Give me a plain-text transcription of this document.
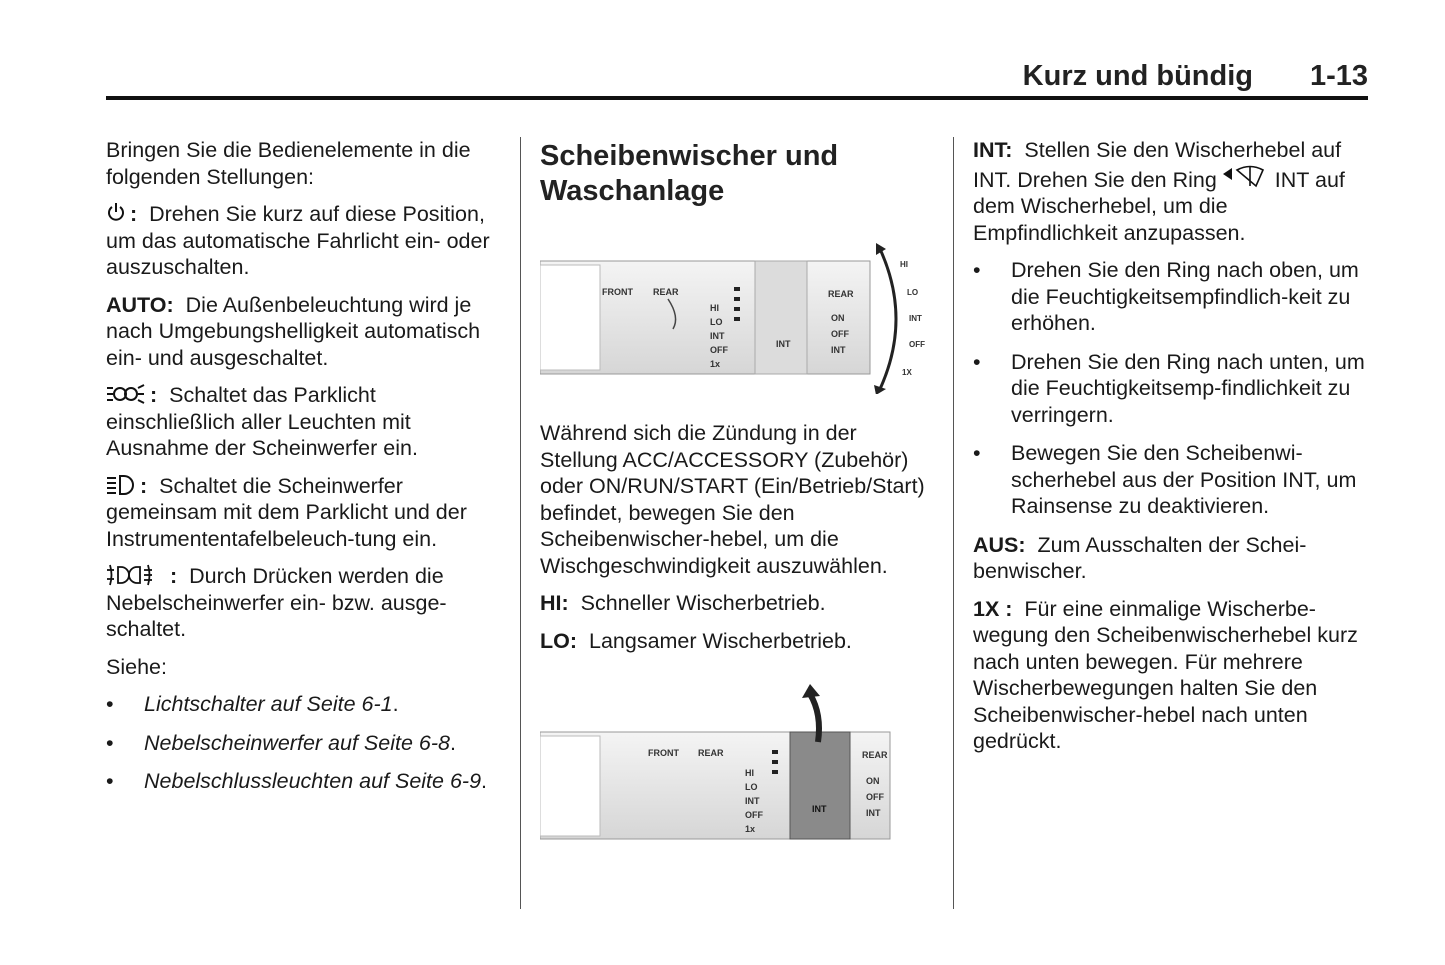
Kurz und bündig 1-13

Bringen Sie die Bedienelemente in die folgenden Stellungen:

: Drehen Sie kurz auf diese Position, um das automatische Fahrlicht ein- oder auszuschalten.

AUTO: Die Außenbeleuchtung wird je nach Umgebungshelligkeit automatisch ein- und ausgeschaltet.

: Schaltet das Parklicht einschließlich aller Leuchten mit Ausnahme der Scheinwerfer ein.

: Schaltet die Scheinwerfer gemeinsam mit dem Parklicht und der Instrumententafelbeleuch-tung ein.

: Durch Drücken werden die Nebelscheinwerfer ein- bzw. ausge-schaltet.

Siehe:

• Lichtschalter auf Seite 6-1.
• Nebelscheinwerfer auf Seite 6-8.
• Nebelschlussleuchten auf Seite 6-9.
Scheibenwischer und Waschanlage
FRONT REAR
HI
LO
INT
OFF
1x
INT
REAR
ON
OFF
INT
HI
LO
INT
OFF
1X

Während sich die Zündung in der Stellung ACC/ACCESSORY (Zubehör) oder ON/RUN/START (Ein/Betrieb/Start) befindet, bewegen Sie den Scheibenwischer-hebel, um die Wischgeschwindigkeit auszuwählen.

HI: Schneller Wischerbetrieb.

LO: Langsamer Wischerbetrieb.

FRONT REAR
HI
LO
INT
OFF
1x
INT
REAR
ON
OFF
INT

INT: Stellen Sie den Wischerhebel auf INT. Drehen Sie den Ring	INT auf dem Wischerhebel, um die Empfindlichkeit anzupassen.

• Drehen Sie den Ring nach oben, um die Feuchtigkeitsempfindlich-keit zu erhöhen.
• Drehen Sie den Ring nach unten, um die Feuchtigkeitsemp-findlichkeit zu verringern.
• Bewegen Sie den Scheibenwi-scherhebel aus der Position INT, um Rainsense zu deaktivieren.

AUS: Zum Ausschalten der Schei-benwischer.

1X : Für eine einmalige Wischerbe-wegung den Scheibenwischerhebel kurz nach unten bewegen. Für mehrere Wischerbewegungen halten Sie den Scheibenwischer-hebel nach unten gedrückt.
